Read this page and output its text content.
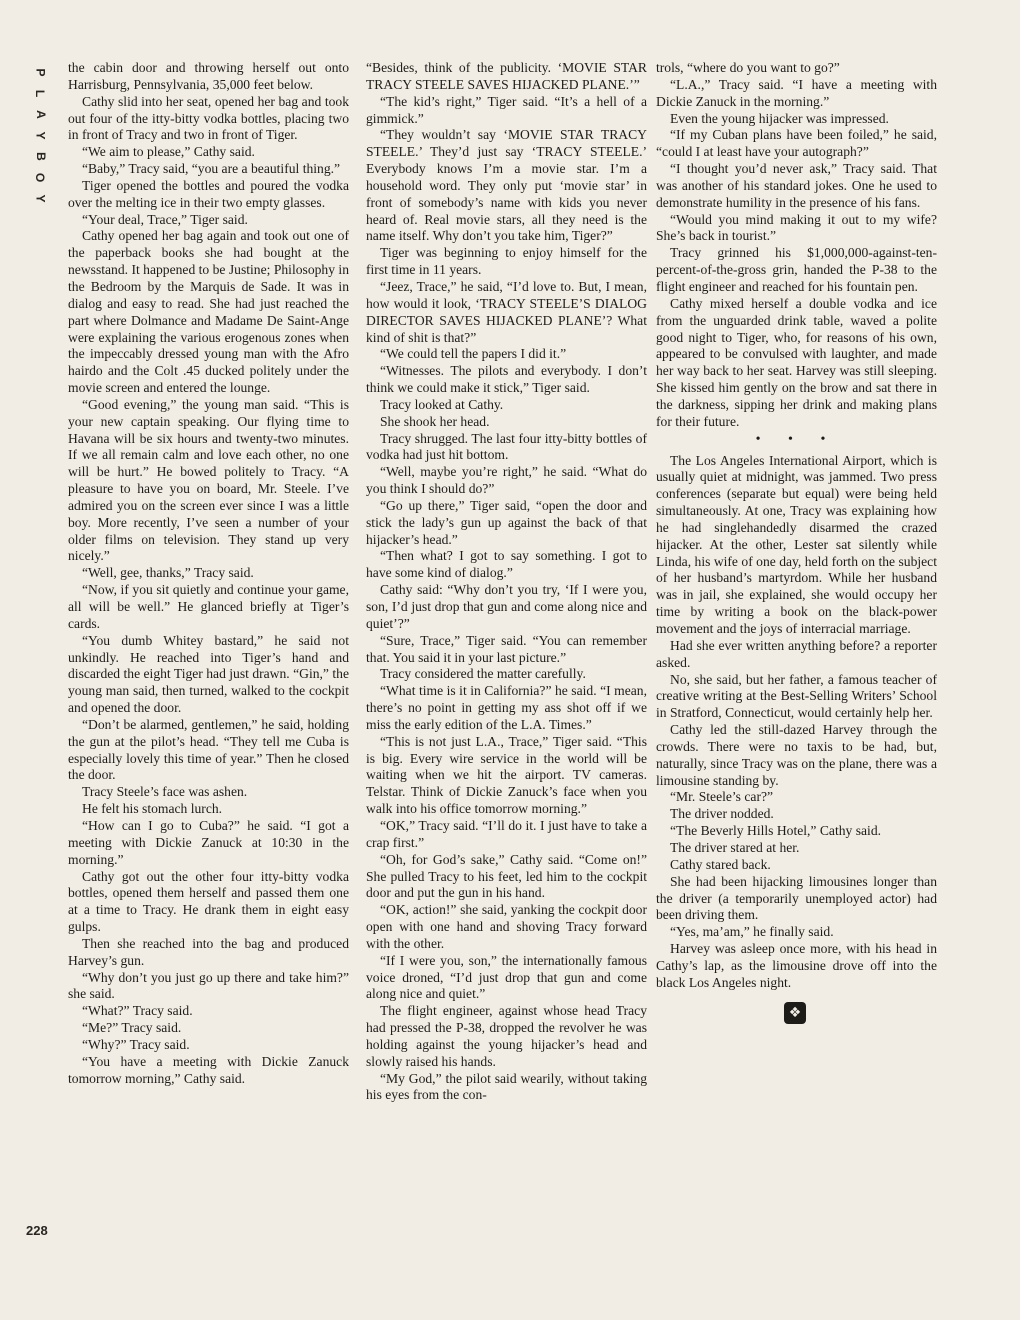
P
L
A
Y
B
O
Y
228

the cabin door and throwing herself out onto Harrisburg, Pennsylvania, 35,000 feet below.

Cathy slid into her seat, opened her bag and took out four of the itty-bitty vodka bottles, placing two in front of Tracy and two in front of Tiger.

“We aim to please,” Cathy said.

“Baby,” Tracy said, “you are a beautiful thing.”

Tiger opened the bottles and poured the vodka over the melting ice in their two empty glasses.

“Your deal, Trace,” Tiger said.

Cathy opened her bag again and took out one of the paperback books she had bought at the newsstand. It happened to be Justine; Philosophy in the Bedroom by the Marquis de Sade. It was in dialog and easy to read. She had just reached the part where Dolmance and Madame De Saint-Ange were explaining the various erogenous zones when the impeccably dressed young man with the Afro hairdo and the Colt .45 ducked politely under the movie screen and entered the lounge.

“Good evening,” the young man said. “This is your new captain speaking. Our flying time to Havana will be six hours and twenty-two minutes. If we all remain calm and love each other, no one will be hurt.” He bowed politely to Tracy. “A pleasure to have you on board, Mr. Steele. I’ve admired you on the screen ever since I was a little boy. More recently, I’ve seen a number of your older films on television. They stand up very nicely.”

“Well, gee, thanks,” Tracy said.

“Now, if you sit quietly and continue your game, all will be well.” He glanced briefly at Tiger’s cards.

“You dumb Whitey bastard,” he said not unkindly. He reached into Tiger’s hand and discarded the eight Tiger had just drawn. “Gin,” the young man said, then turned, walked to the cockpit and opened the door.

“Don’t be alarmed, gentlemen,” he said, holding the gun at the pilot’s head. “They tell me Cuba is especially lovely this time of year.” Then he closed the door.

Tracy Steele’s face was ashen.

He felt his stomach lurch.

“How can I go to Cuba?” he said. “I got a meeting with Dickie Zanuck at 10:30 in the morning.”

Cathy got out the other four itty-bitty vodka bottles, opened them herself and passed them one at a time to Tracy. He drank them in eight easy gulps.

Then she reached into the bag and produced Harvey’s gun.

“Why don’t you just go up there and take him?” she said.

“What?” Tracy said.

“Me?” Tracy said.

“Why?” Tracy said.

“You have a meeting with Dickie Zanuck tomorrow morning,” Cathy said.

“Besides, think of the publicity. ‘MOVIE STAR TRACY STEELE SAVES HIJACKED PLANE.’”

“The kid’s right,” Tiger said. “It’s a hell of a gimmick.”

“They wouldn’t say ‘MOVIE STAR TRACY STEELE.’ They’d just say ‘TRACY STEELE.’ Everybody knows I’m a movie star. I’m a household word. They only put ‘movie star’ in front of somebody’s name with kids you never heard of. Real movie stars, all they need is the name itself. Why don’t you take him, Tiger?”

Tiger was beginning to enjoy himself for the first time in 11 years.

“Jeez, Trace,” he said, “I’d love to. But, I mean, how would it look, ‘TRACY STEELE’S DIALOG DIRECTOR SAVES HIJACKED PLANE’? What kind of shit is that?”

“We could tell the papers I did it.”

“Witnesses. The pilots and everybody. I don’t think we could make it stick,” Tiger said.

Tracy looked at Cathy.

She shook her head.

Tracy shrugged. The last four itty-bitty bottles of vodka had just hit bottom.

“Well, maybe you’re right,” he said. “What do you think I should do?”

“Go up there,” Tiger said, “open the door and stick the lady’s gun up against the back of that hijacker’s head.”

“Then what? I got to say something. I got to have some kind of dialog.”

Cathy said: “Why don’t you try, ‘If I were you, son, I’d just drop that gun and come along nice and quiet’?”

“Sure, Trace,” Tiger said. “You can remember that. You said it in your last picture.”

Tracy considered the matter carefully.

“What time is it in California?” he said. “I mean, there’s no point in getting my ass shot off if we miss the early edition of the L.A. Times.”

“This is not just L.A., Trace,” Tiger said. “This is big. Every wire service in the world will be waiting when we hit the airport. TV cameras. Telstar. Think of Dickie Zanuck’s face when you walk into his office tomorrow morning.”

“OK,” Tracy said. “I’ll do it. I just have to take a crap first.”

“Oh, for God’s sake,” Cathy said. “Come on!” She pulled Tracy to his feet, led him to the cockpit door and put the gun in his hand.

“OK, action!” she said, yanking the cockpit door open with one hand and shoving Tracy forward with the other.

“If I were you, son,” the internationally famous voice droned, “I’d just drop that gun and come along nice and quiet.”

The flight engineer, against whose head Tracy had pressed the P-38, dropped the revolver he was holding against the young hijacker’s head and slowly raised his hands.

“My God,” the pilot said wearily, without taking his eyes from the con-

trols, “where do you want to go?”

“L.A.,” Tracy said. “I have a meeting with Dickie Zanuck in the morning.”

Even the young hijacker was impressed.

“If my Cuban plans have been foiled,” he said, “could I at least have your autograph?”

“I thought you’d never ask,” Tracy said. That was another of his standard jokes. One he used to demonstrate humility in the presence of his fans.

“Would you mind making it out to my wife? She’s back in tourist.”

Tracy grinned his $1,000,000-against-ten-percent-of-the-gross grin, handed the P-38 to the flight engineer and reached for his fountain pen.

Cathy mixed herself a double vodka and ice from the unguarded drink table, waved a polite good night to Tiger, who, for reasons of his own, appeared to be convulsed with laughter, and made her way back to her seat. Harvey was still sleeping. She kissed him gently on the brow and sat there in the darkness, sipping her drink and making plans for their future.

• • •

The Los Angeles International Airport, which is usually quiet at midnight, was jammed. Two press conferences (separate but equal) were being held simultaneously. At one, Tracy was explaining how he had singlehandedly disarmed the crazed hijacker. At the other, Lester sat silently while Linda, his wife of one day, held forth on the subject of her husband’s martyrdom. While her husband was in jail, she explained, she would occupy her time by writing a book on the black-power movement and the joys of interracial marriage.

Had she ever written anything before? a reporter asked.

No, she said, but her father, a famous teacher of creative writing at the Best-Selling Writers’ School in Stratford, Connecticut, would certainly help her.

Cathy led the still-dazed Harvey through the crowds. There were no taxis to be had, but, naturally, since Tracy was on the plane, there was a limousine standing by.

“Mr. Steele’s car?”

The driver nodded.

“The Beverly Hills Hotel,” Cathy said.

The driver stared at her.

Cathy stared back.

She had been hijacking limousines longer than the driver (a temporarily unemployed actor) had been driving them.

“Yes, ma’am,” he finally said.

Harvey was asleep once more, with his head in Cathy’s lap, as the limousine drove off into the black Los Angeles night.

❖
